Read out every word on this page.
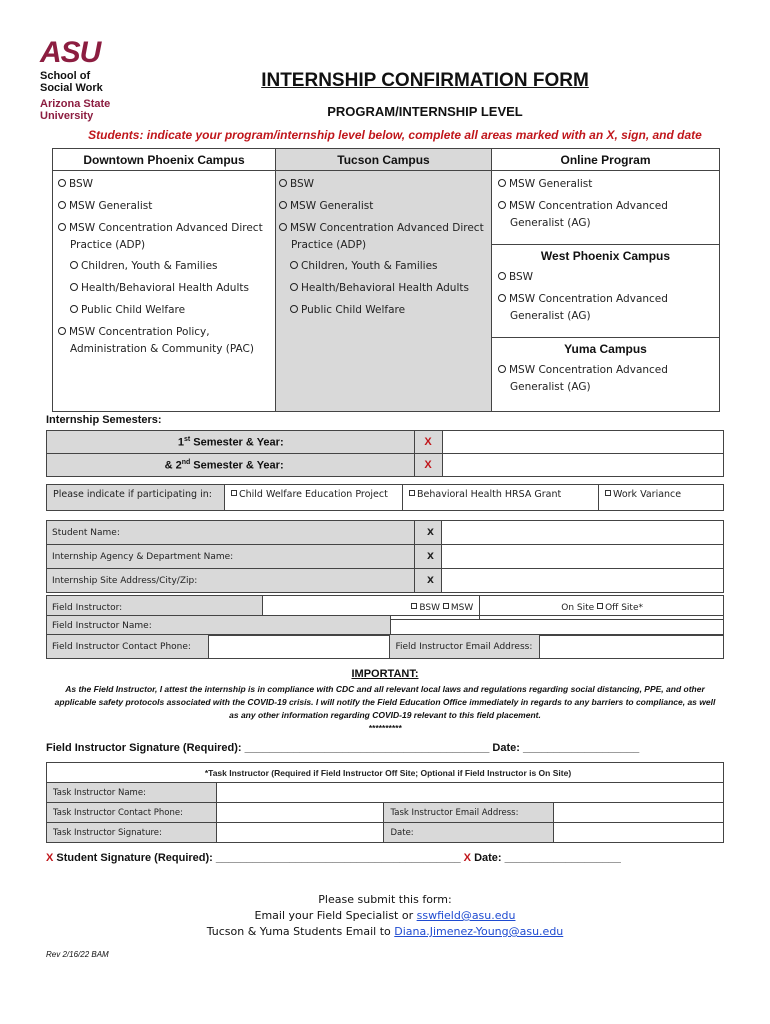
ASU
School of
Social Work
Arizona State
University
INTERNSHIP CONFIRMATION FORM
PROGRAM/INTERNSHIP LEVEL
Students: indicate your program/internship level below, complete all areas marked with an X, sign, and date
Downtown Phoenix Campus
BSW
MSW Generalist
MSW Concentration Advanced Direct
Practice (ADP)
Children, Youth & Families
Health/Behavioral Health Adults
Public Child Welfare
MSW Concentration Policy,
Administration & Community (PAC)
Tucson Campus
BSW
MSW Generalist
MSW Concentration Advanced Direct
Practice (ADP)
Children, Youth & Families
Health/Behavioral Health Adults
Public Child Welfare
Online Program
MSW Generalist
MSW Concentration Advanced
Generalist (AG)
West Phoenix Campus
BSW
MSW Concentration Advanced
Generalist (AG)
Yuma Campus
MSW Concentration Advanced
Generalist (AG)
Internship Semesters:
1st Semester & Year:	X	
& 2nd Semester & Year:	X	
Please indicate if participating in:	Child Welfare Education Project	Behavioral Health HRSA Grant	Work Variance
Student Name:	X	
Internship Agency & Department Name:	X	
Internship Site Address/City/Zip:	X	
Field Instructor:	BSW MSW	On Site Off Site*
Field Instructor Name:	
Field Instructor Contact Phone:		Field Instructor Email Address:	
IMPORTANT:
As the Field Instructor, I attest the internship is in compliance with CDC and all relevant local laws and regulations regarding social distancing, PPE, and other
applicable safety protocols associated with the COVID-19 crisis. I will notify the Field Education Office immediately in regards to any barriers to compliance, as well
as any other information regarding COVID-19 relevant to this field placement.
**********
Field Instructor Signature (Required): ________________________________________ Date: ___________________
*Task Instructor (Required if Field Instructor Off Site; Optional if Field Instructor is On Site)			
Task Instructor Name:			
Task Instructor Contact Phone:		Task Instructor Email Address:	
Task Instructor Signature:		Date:	
X Student Signature (Required): ________________________________________ X Date: ___________________
Please submit this form:
Email your Field Specialist or sswfield@asu.edu
Tucson & Yuma Students Email to Diana.Jimenez-Young@asu.edu
Rev 2/16/22 BAM
